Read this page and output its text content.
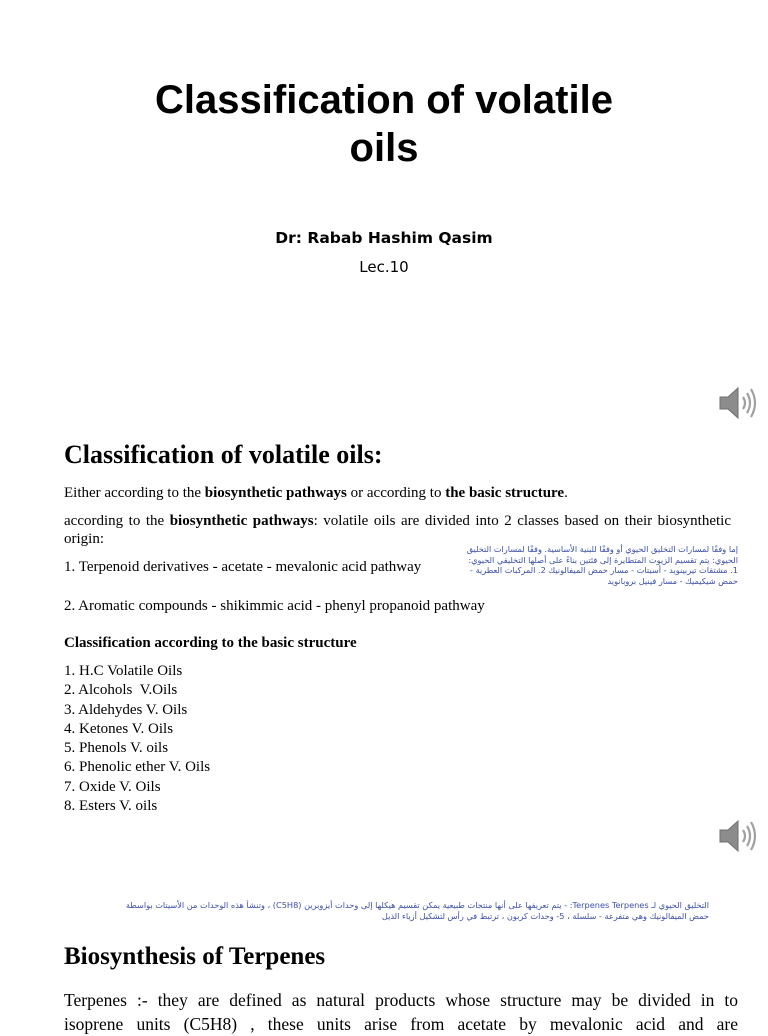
Classification of volatile
oils
Dr: Rabab Hashim Qasim
Lec.10
Classification of volatile oils:
Either according to the biosynthetic pathways or according to the basic structure.
according to the biosynthetic pathways: volatile oils are divided into 2 classes based on their biosynthetic origin:
إما وفقًا لمسارات التخليق الحيوي أو وفقًا للبنية الأساسية. وفقًا لمسارات التخليق الحيوي: يتم تقسيم الزيوت المتطايرة إلى فئتين بناءً على أصلها التخليقي الحيوي: 1. مشتقات تيربينويد - أسيتات - مسار حمض الميفالونيك 2. المركبات العطرية - حمض شيكيميك - مسار فينيل بروبانويد
1. Terpenoid derivatives - acetate - mevalonic acid pathway
2. Aromatic compounds - shikimmic acid - phenyl propanoid pathway
Classification according to the basic structure
1. H.C Volatile Oils
2. Alcohols  V.Oils
3. Aldehydes V. Oils
4. Ketones V. Oils
5. Phenols V. oils
6. Phenolic ether V. Oils
7. Oxide V. Oils
8. Esters V. oils
التخليق الحيوي لـ Terpenes Terpenes: - يتم تعريفها على أنها منتجات طبيعية يمكن تقسيم هيكلها إلى وحدات أيزوبرين (C5H8) ، وتنشأ هذه الوحدات من الأسيتات بواسطة حمض الميفالونيك وهي متفرعة - سلسلة ، 5- وحدات كربون ، ترتبط في رأس لتشكيل أزياء الذيل
Biosynthesis of Terpenes
Terpenes :- they are defined as natural products whose structure may be divided in to
isoprene units (C5H8) , these units arise from acetate by mevalonic acid and are
